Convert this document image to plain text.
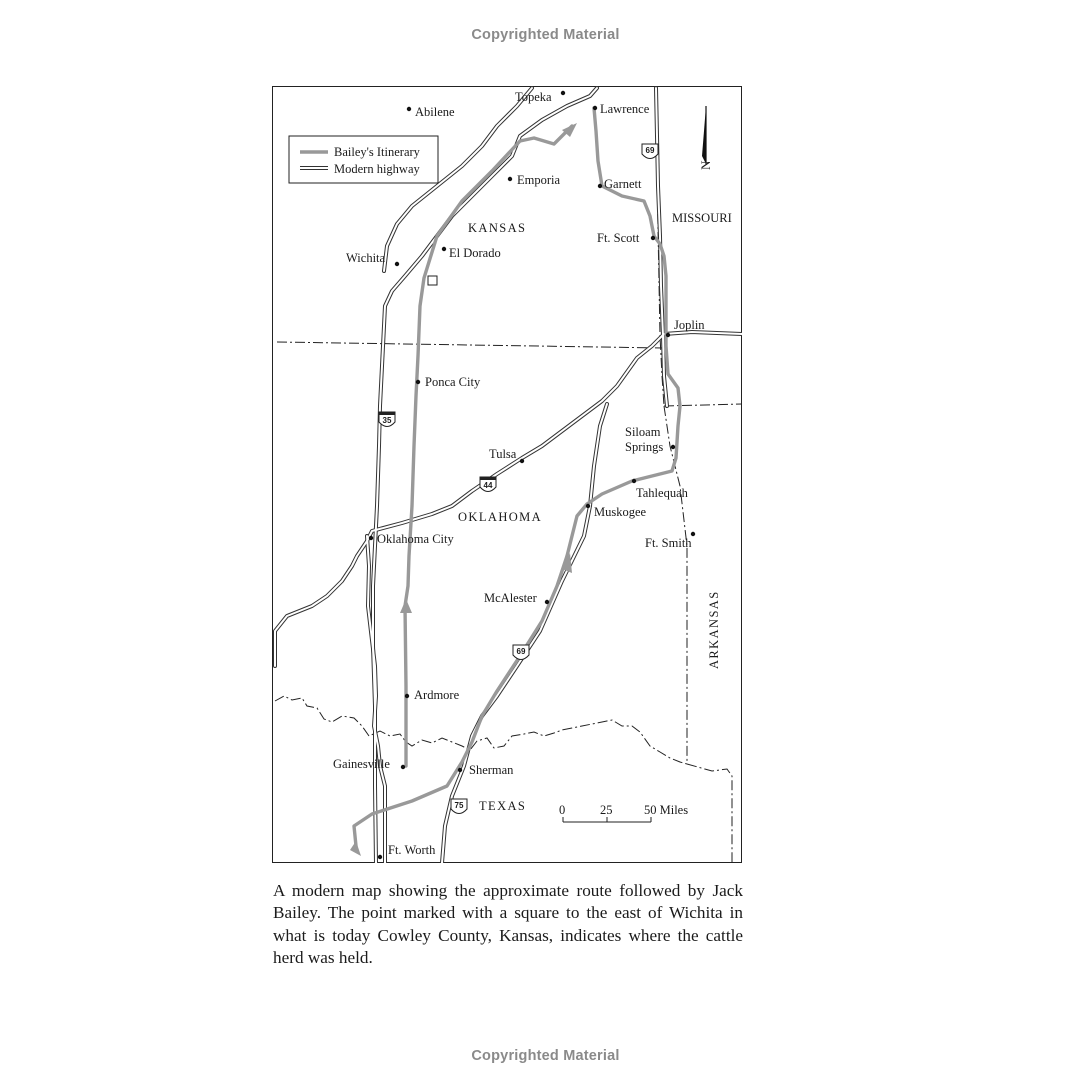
Copyrighted Material
Abilene
Topeka
Lawrence
Emporia	Garnett
Ft. Scott
Wichita	El Dorado
Joplin
Ponca City
Siloam
Springs
Tulsa
Tahlequah
Muskogee
Oklahoma City	Ft. Smith
McAlester
Ardmore
Gainesville	Sherman
Ft. Worth
KANSAS
MISSOURI
OKLAHOMA
TEXAS
ARKANSAS
Bailey's Itinerary
Modern highway	N
69
35
44
69
75	0	25	50 Miles
A modern map showing the approximate route followed by Jack Bailey. The point marked with a square to the east of Wichita in what is today Cowley County, Kansas, indicates where the cattle herd was held.
Copyrighted Material
